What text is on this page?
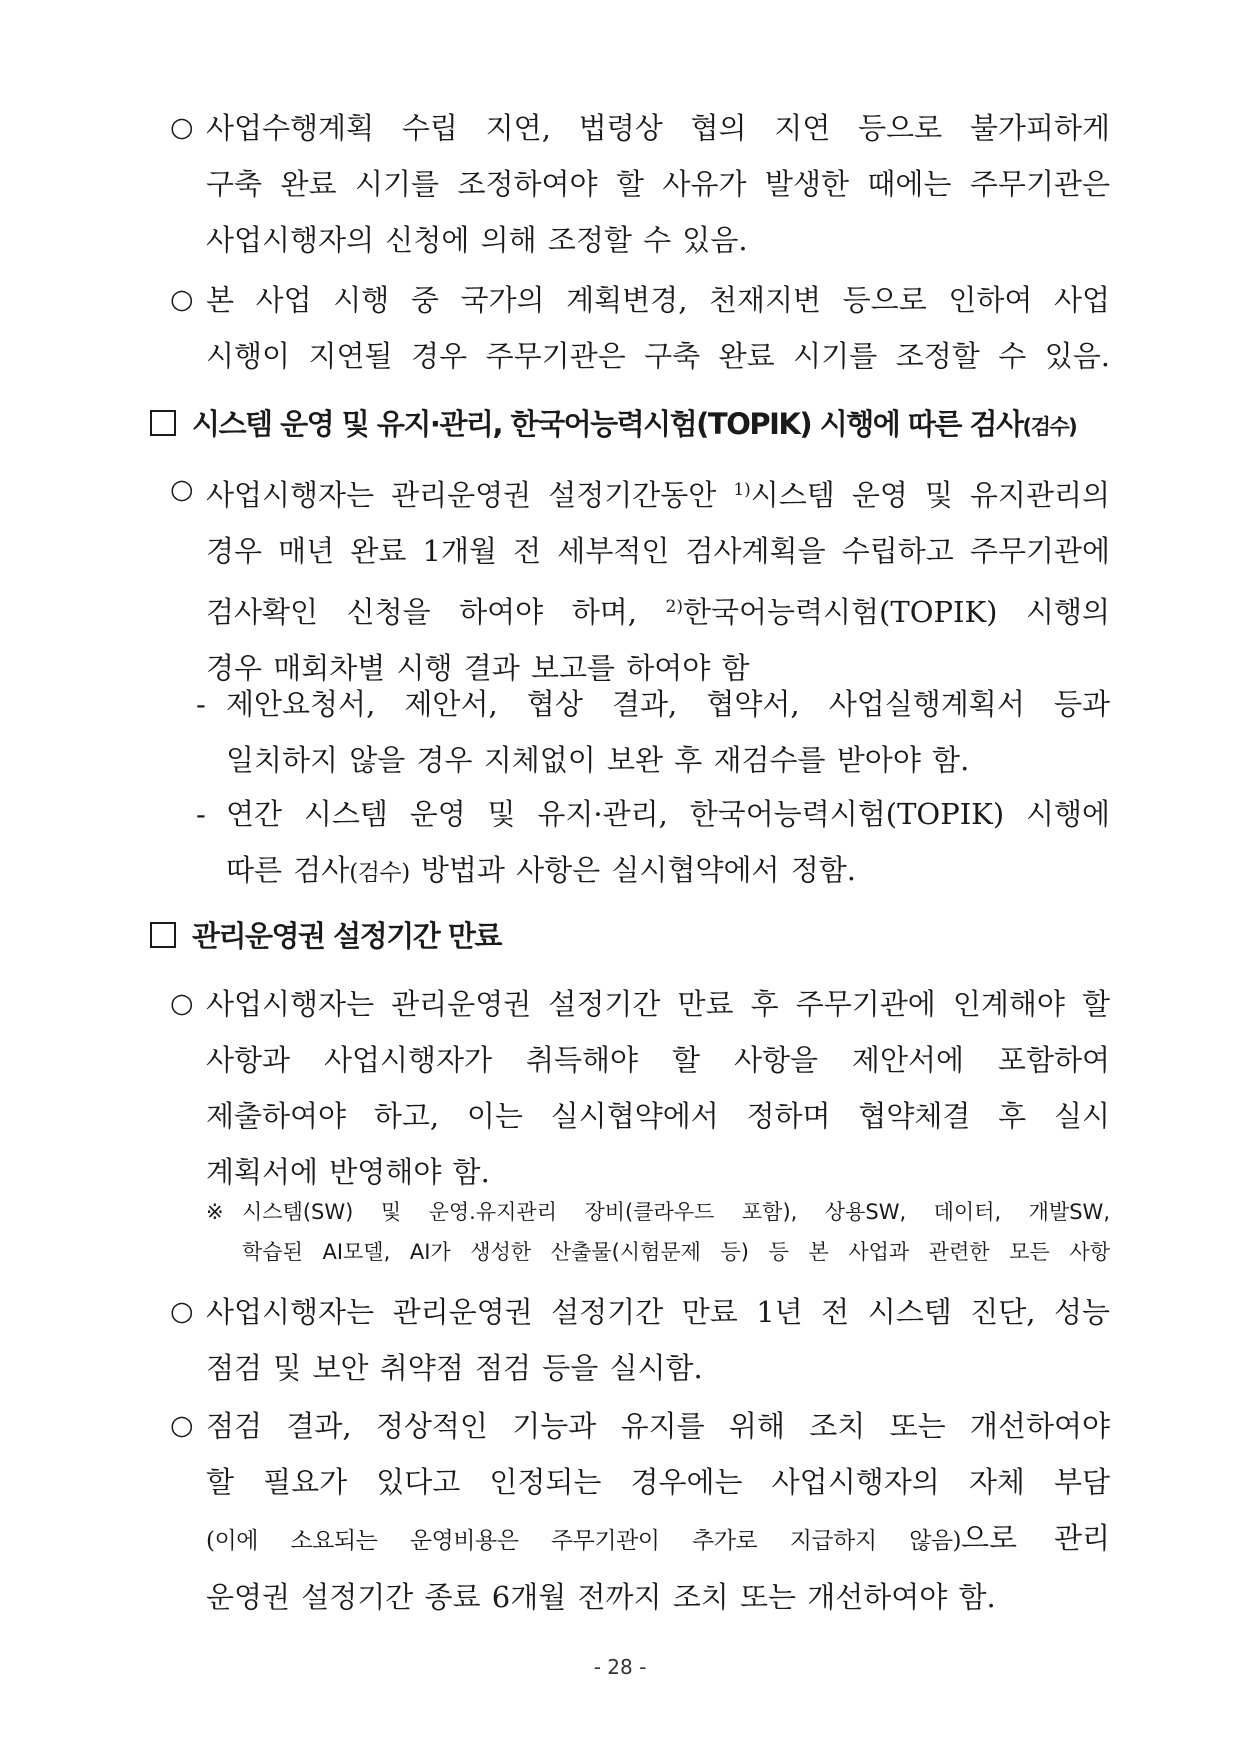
○ 사업수행계획 수립 지연, 법령상 협의 지연 등으로 불가피하게
구축 완료 시기를 조정하여야 할 사유가 발생한 때에는 주무기관은
사업시행자의 신청에 의해 조정할 수 있음.
○ 본 사업 시행 중 국가의 계획변경, 천재지변 등으로 인하여 사업
시행이 지연될 경우 주무기관은 구축 완료 시기를 조정할 수 있음.
시스템 운영 및 유지·관리, 한국어능력시험(TOPIK) 시행에 따른 검사(검수)
○ 사업시행자는 관리운영권 설정기간동안 $^{1)}$시스템 운영 및 유지관리의
경우 매년 완료 1개월 전 세부적인 검사계획을 수립하고 주무기관에
검사확인 신청을 하여야 하며, $^{2)}$한국어능력시험(TOPIK) 시행의
경우 매회차별 시행 결과 보고를 하여야 함
- 제안요청서, 제안서, 협상 결과, 협약서, 사업실행계획서 등과
일치하지 않을 경우 지체없이 보완 후 재검수를 받아야 함.
- 연간 시스템 운영 및 유지·관리, 한국어능력시험(TOPIK) 시행에
따른 검사(검수) 방법과 사항은 실시협약에서 정함.
관리운영권 설정기간 만료
○ 사업시행자는 관리운영권 설정기간 만료 후 주무기관에 인계해야 할
사항과 사업시행자가 취득해야 할 사항을 제안서에 포함하여
제출하여야 하고, 이는 실시협약에서 정하며 협약체결 후 실시
계획서에 반영해야 함.
※ 시스템(SW) 및 운영.유지관리 장비(클라우드 포함), 상용SW, 데이터, 개발SW,
학습된 AI모델, AI가 생성한 산출물(시험문제 등) 등 본 사업과 관련한 모든 사항
○ 사업시행자는 관리운영권 설정기간 만료 1년 전 시스템 진단, 성능
점검 및 보안 취약점 점검 등을 실시함.
○ 점검 결과, 정상적인 기능과 유지를 위해 조치 또는 개선하여야
할 필요가 있다고 인정되는 경우에는 사업시행자의 자체 부담
(이에 소요되는 운영비용은 주무기관이 추가로 지급하지 않음)으로 관리
운영권 설정기간 종료 6개월 전까지 조치 또는 개선하여야 함.
- 28 -
